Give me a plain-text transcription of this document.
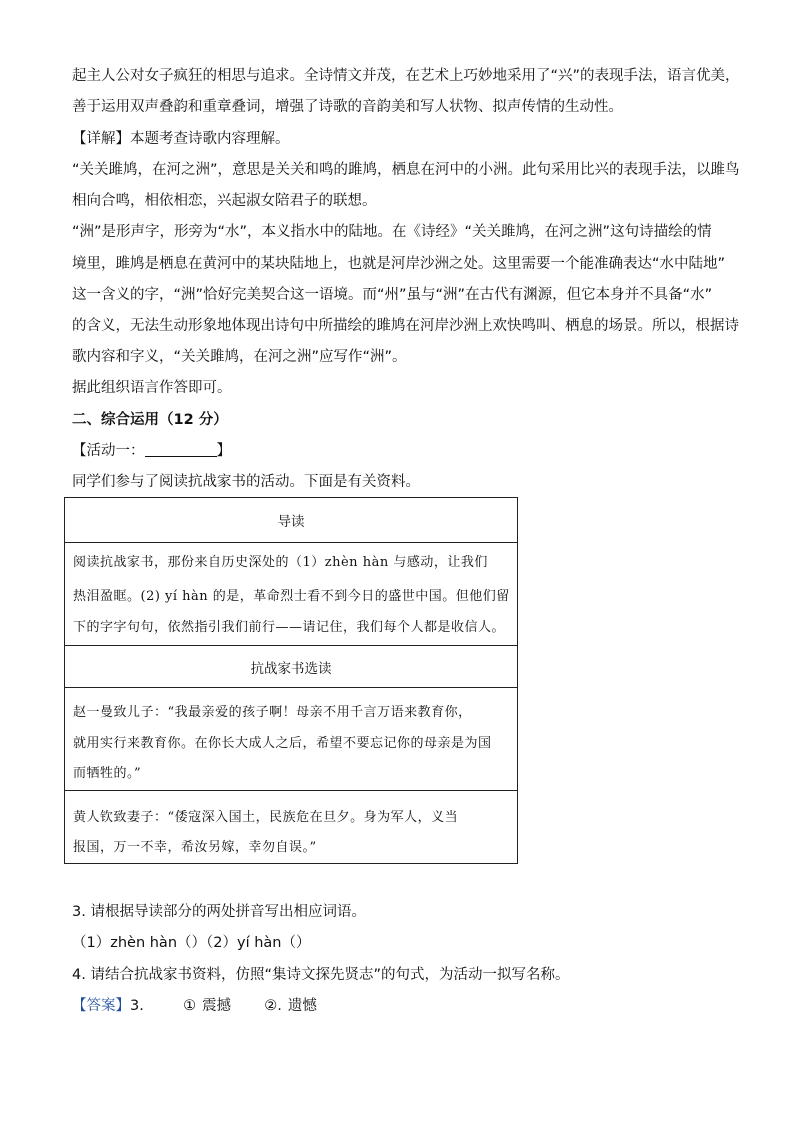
起主人公对女子疯狂的相思与追求。全诗情文并茂，在艺术上巧妙地采用了“兴”的表现手法，语言优美，
善于运用双声叠韵和重章叠词，增强了诗歌的音韵美和写人状物、拟声传情的生动性。
【详解】本题考查诗歌内容理解。
“关关雎鸠，在河之洲”，意思是关关和鸣的雎鸠，栖息在河中的小洲。此句采用比兴的表现手法，以雎鸟
相向合鸣，相依相恋，兴起淑女陪君子的联想。
“洲”是形声字，形旁为“水”，本义指水中的陆地。在《诗经》“关关雎鸠，在河之洲”这句诗描绘的情
境里，雎鸠是栖息在黄河中的某块陆地上，也就是河岸沙洲之处。这里需要一个能准确表达“水中陆地”
这一含义的字，“洲”恰好完美契合这一语境。而“州”虽与“洲”在古代有渊源，但它本身并不具备“水”
的含义，无法生动形象地体现出诗句中所描绘的雎鸠在河岸沙洲上欢快鸣叫、栖息的场景。所以，根据诗
歌内容和字义，“关关雎鸠，在河之洲”应写作“洲”。
据此组织语言作答即可。
二、综合运用（12 分）
【活动一：	】
同学们参与了阅读抗战家书的活动。下面是有关资料。
导读
阅读抗战家书，那份来自历史深处的（1）zhèn hàn 与感动，让我们
热泪盈眶。(2) yí hàn 的是，革命烈士看不到今日的盛世中国。但他们留
下的字字句句，依然指引我们前行——请记住，我们每个人都是收信人。
抗战家书选读
赵一曼致儿子：“我最亲爱的孩子啊！母亲不用千言万语来教育你，
就用实行来教育你。在你长大成人之后，希望不要忘记你的母亲是为国
而牺牲的。”
黄人钦致妻子：“倭寇深入国土，民族危在旦夕。身为军人，义当
报国，万一不幸，希汝另嫁，幸勿自误。”
3. 请根据导读部分的两处拼音写出相应词语。
（1）zhèn hàn（）（2）yí hàn（）
4. 请结合抗战家书资料，仿照“集诗文探先贤志”的句式，为活动一拟写名称。
【答案】3.	① 震撼 ②. 遗憾
